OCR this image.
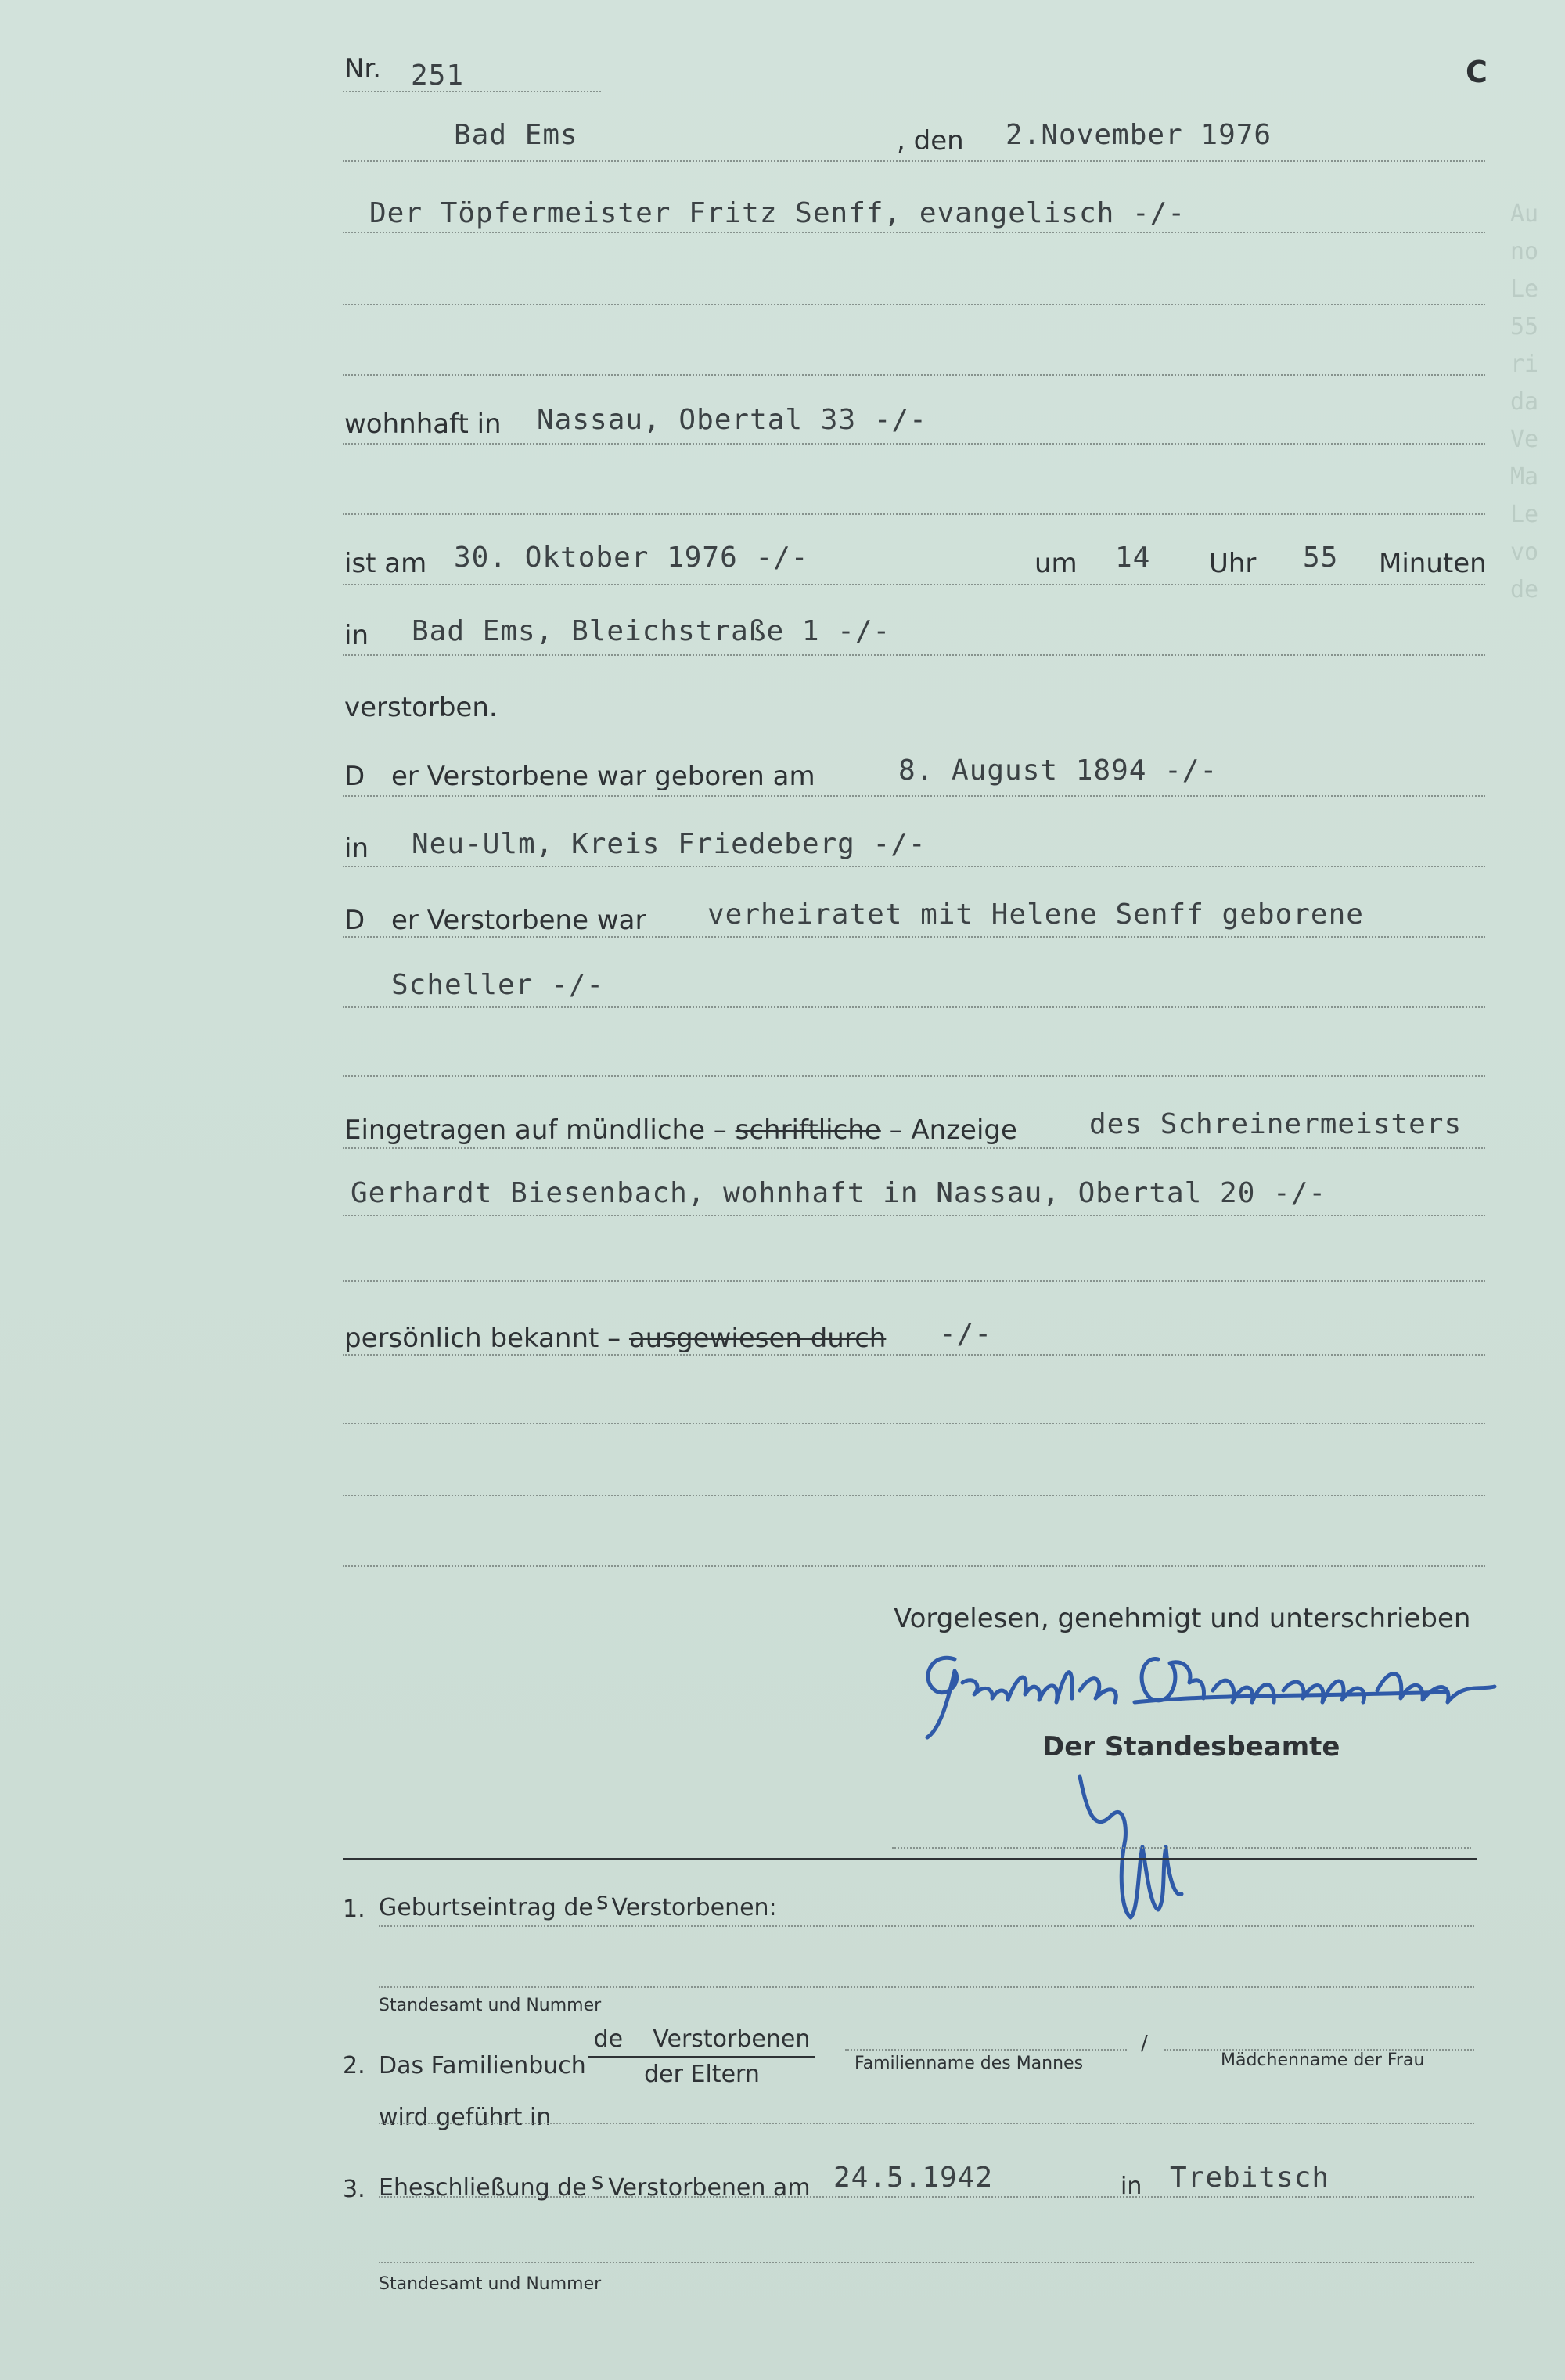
Au
no
Le
55
ri
da
Ve
Ma
Le
vo
de
Nr. 251	C
Bad Ems	, den 2.November 1976
Der Töpfermeister Fritz Senff, evangelisch -/-
wohnhaft in Nassau, Obertal 33 -/-
ist am 30. Oktober 1976 -/-	um 14 Uhr 55 Minuten
in Bad Ems, Bleichstraße 1 -/-
verstorben.
D er Verstorbene war geboren am	8. August 1894 -/-
in Neu-Ulm, Kreis Friedeberg -/-
D er Verstorbene war verheiratet mit Helene Senff geborene
Scheller -/-
Eingetragen auf mündliche – schriftliche – Anzeige	des Schreinermeisters
Gerhardt Biesenbach, wohnhaft in Nassau, Obertal 20 -/-
persönlich bekannt – ausgewiesen durch -/-
Vorgelesen, genehmigt und unterschrieben
Der Standesbeamte
1. Geburtseintrag de s Verstorbenen:
Standesamt und Nummer
2. Das Familienbuch
de Verstorbenen
der Eltern
/
Familienname des Mannes	Mädchenname der Frau
wird geführt in
3. Eheschließung de s Verstorbenen am 24.5.1942	in Trebitsch
Standesamt und Nummer
